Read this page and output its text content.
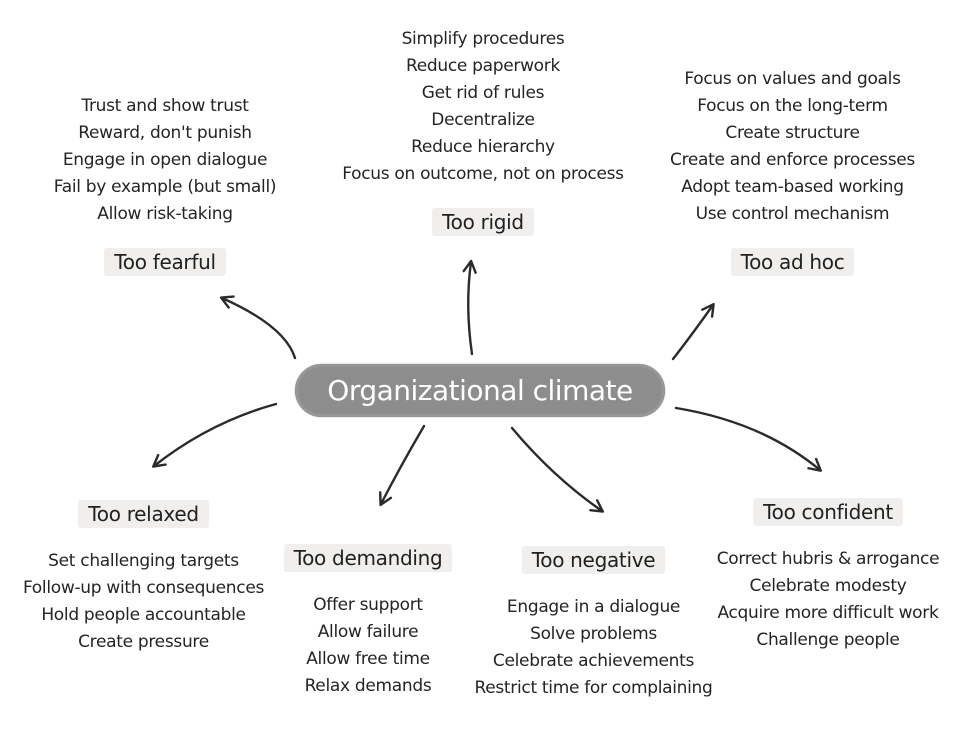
Organizational climate
Trust and show trust
Reward, don't punish
Engage in open dialogue
Fail by example (but small)
Allow risk-taking
Too fearful
Simplify procedures
Reduce paperwork
Get rid of rules
Decentralize
Reduce hierarchy
Focus on outcome, not on process
Too rigid
Focus on values and goals
Focus on the long-term
Create structure
Create and enforce processes
Adopt team-based working
Use control mechanism
Too ad hoc
Too relaxed
Set challenging targets
Follow-up with consequences
Hold people accountable
Create pressure
Too demanding
Offer support
Allow failure
Allow free time
Relax demands
Too negative
Engage in a dialogue
Solve problems
Celebrate achievements
Restrict time for complaining
Too confident
Correct hubris & arrogance
Celebrate modesty
Acquire more difficult work
Challenge people
